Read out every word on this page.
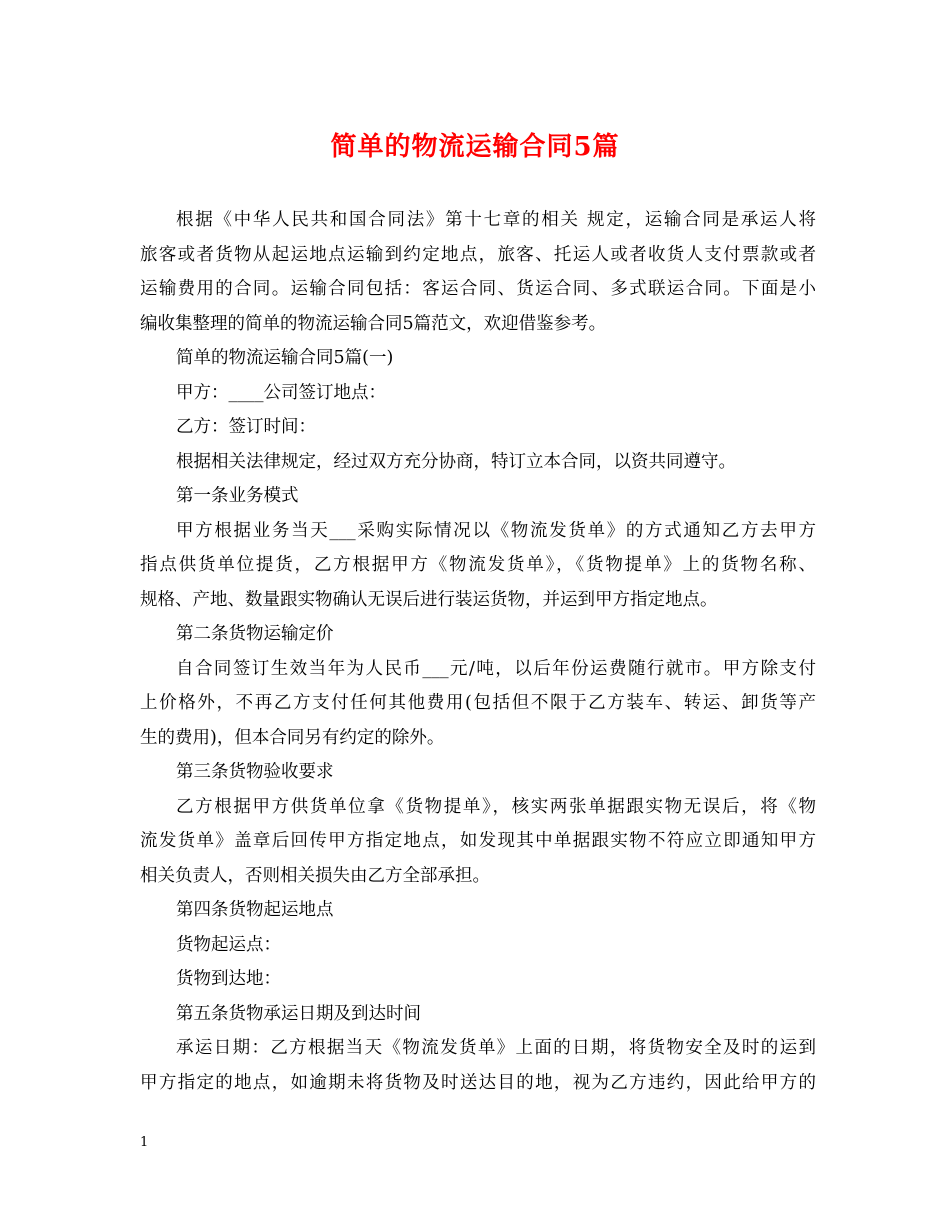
简单的物流运输合同5篇
根据《中华人民共和国合同法》第十七章的相关 规定，运输合同是承运人将
旅客或者货物从起运地点运输到约定地点，旅客、托运人或者收货人支付票款或者
运输费用的合同。运输合同包括：客运合同、货运合同、多式联运合同。下面是小
编收集整理的简单的物流运输合同5篇范文，欢迎借鉴参考。
简单的物流运输合同5篇(一)
甲方：____公司签订地点：
乙方：签订时间：
根据相关法律规定，经过双方充分协商，特订立本合同，以资共同遵守。
第一条业务模式
甲方根据业务当天___采购实际情况以《物流发货单》的方式通知乙方去甲方
指点供货单位提货，乙方根据甲方《物流发货单》，《货物提单》上的货物名称、
规格、产地、数量跟实物确认无误后进行装运货物，并运到甲方指定地点。
第二条货物运输定价
自合同签订生效当年为人民币___元/吨，以后年份运费随行就市。甲方除支付
上价格外，不再乙方支付任何其他费用(包括但不限于乙方装车、转运、卸货等产
生的费用)，但本合同另有约定的除外。
第三条货物验收要求
乙方根据甲方供货单位拿《货物提单》，核实两张单据跟实物无误后，将《物
流发货单》盖章后回传甲方指定地点，如发现其中单据跟实物不符应立即通知甲方
相关负责人，否则相关损失由乙方全部承担。
第四条货物起运地点
货物起运点：
货物到达地：
第五条货物承运日期及到达时间
承运日期：乙方根据当天《物流发货单》上面的日期，将货物安全及时的运到
甲方指定的地点，如逾期未将货物及时送达目的地，视为乙方违约，因此给甲方的
1
